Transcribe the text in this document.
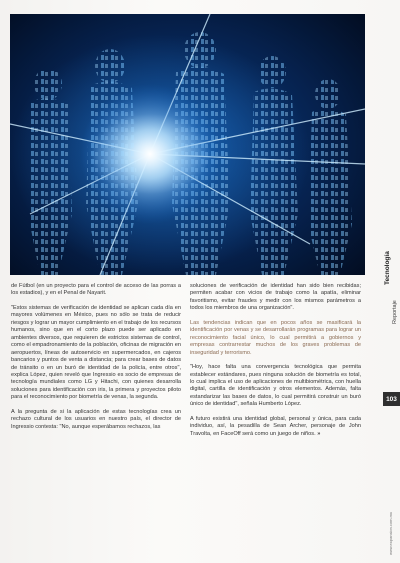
de Fútbol (en un proyecto para el control de acceso de las porras a los estadios), y en el Penal de Nayarit.

"Estos sistemas de verificación de identidad se aplican cada día en mayores volúmenes en México, pues no sólo se trata de reducir riesgos y lograr un mayor cumplimiento en el trabajo de los recursos humanos, sino que en el corto plazo puede ser aplicado en ambientes diversos, que requieren de estrictos sistemas de control, como el empadronamiento de la población, oficinas de migración en aeropuertos, líneas de autoservicio en supermercados, en cajeros bancarios y puntos de venta a distancia; para crear bases de datos de tránsito o en un buró de identidad de la policía, entre otros", explica López, quien reveló que Ingressio es socio de empresas de tecnología mundiales como LG y Hitachi, con quienes desarrolla soluciones para identificación con iris, la primera y proyectos piloto para el reconocimiento por biometría de venas, la segunda.

A la pregunta de si la aplicación de estas tecnologías crea un rechazo cultural de los usuarios en nuestro país, el director de Ingressio contesta: "No, aunque esperábamos rechazos, las

soluciones de verificación de identidad han sido bien recibidas; permiten acabar con vicios de trabajo como la apatía, eliminar favoritismo, evitar fraudes y medir con los mismos parámetros a todos los miembros de una organización".

Las tendencias indican que en pocos años se masificará la identificación por venas y se desarrollarán programas para lograr un reconocimiento facial único, lo cual permitirá a gobiernos y empresas contrarrestar muchos de los graves problemas de inseguridad y terrorismo.

"Hoy, hace falta una convergencia tecnológica que permita establecer estándares, pues ninguna solución de biometría es total, lo cual implica el uso de aplicaciones de multibiométrica, con huella digital, cartilla de identificación y otros elementos. Además, falta estandarizar las bases de datos, lo cual permitirá construir un buró único de identidad", señala Humberto López.

A futuro existirá una identidad global, personal y única, para cada individuo, así, la pesadilla de Sean Archer, personaje de John Travolta, en FaceOff será como un juego de niños. »

Tecnología
Reportaje
103
www.expansion.com.mx
